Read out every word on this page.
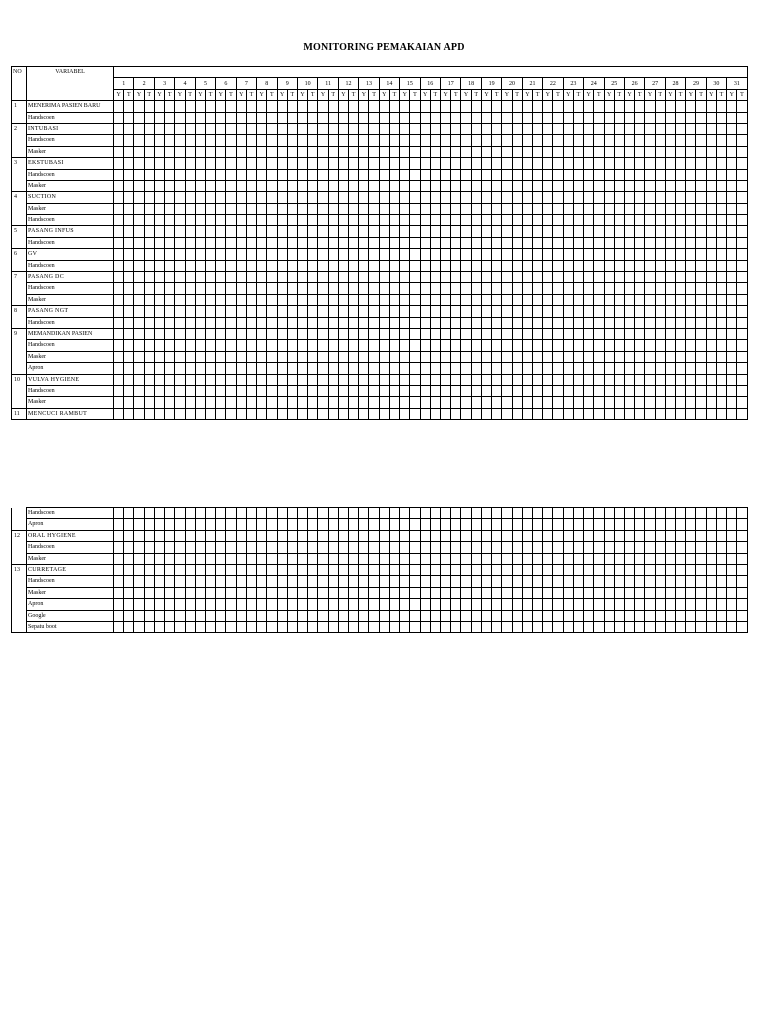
MONITORING PEMAKAIAN APD
NO	VARIABEL																																																														
		1		2		3		4		5		6		7		8		9		10		11		12		13		14		15		16		17		18		19		20		21		22		23		24		25		26		27		28		29		30		31	
		Y	T	Y	T	Y	T	Y	T	Y	T	Y	T	Y	T	Y	T	Y	T	Y	T	Y	T	Y	T	Y	T	Y	T	Y	T	Y	T	Y	T	Y	T	Y	T	Y	T	Y	T	Y	T	Y	T	Y	T	Y	T	Y	T	Y	T	Y	T	Y	T	Y	T	Y	T
1	MENERIMA PASIEN BARU																																																														
	Handscoen																																																														
2	INTUBASI																																																														
	Handscoen																																																														
	Masker																																																														
3	EKSTUBASI																																																														
	Handscoen																																																														
	Masker																																																														
4	SUCTION																																																														
	Masker																																																														
	Handscoen																																																														
5	PASANG INFUS																																																														
	Handscoen																																																														
6	GV																																																														
	Handscoen																																																														
7	PASANG DC																																																														
	Handscoen																																																														
	Masker																																																														
8	PASANG NGT																																																														
	Handscoen																																																														
9	MEMANDIKAN PASIEN																																																														
	Handscoen																																																														
	Masker																																																														
	Apron																																																														
10	VULVA HYGIENE																																																														
	Handscoen																																																														
	Masker																																																														
11	MENCUCI RAMBUT																																																														
	Handscoen																																																														
	Apron																																																														
12	ORAL HYGIENE																																																														
	Handscoen																																																														
	Masker																																																														
13	CURRETAGE																																																														
	Handscoen																																																														
	Masker																																																														
	Apron																																																														
	Google																																																														
	Sepatu boot																																																														
